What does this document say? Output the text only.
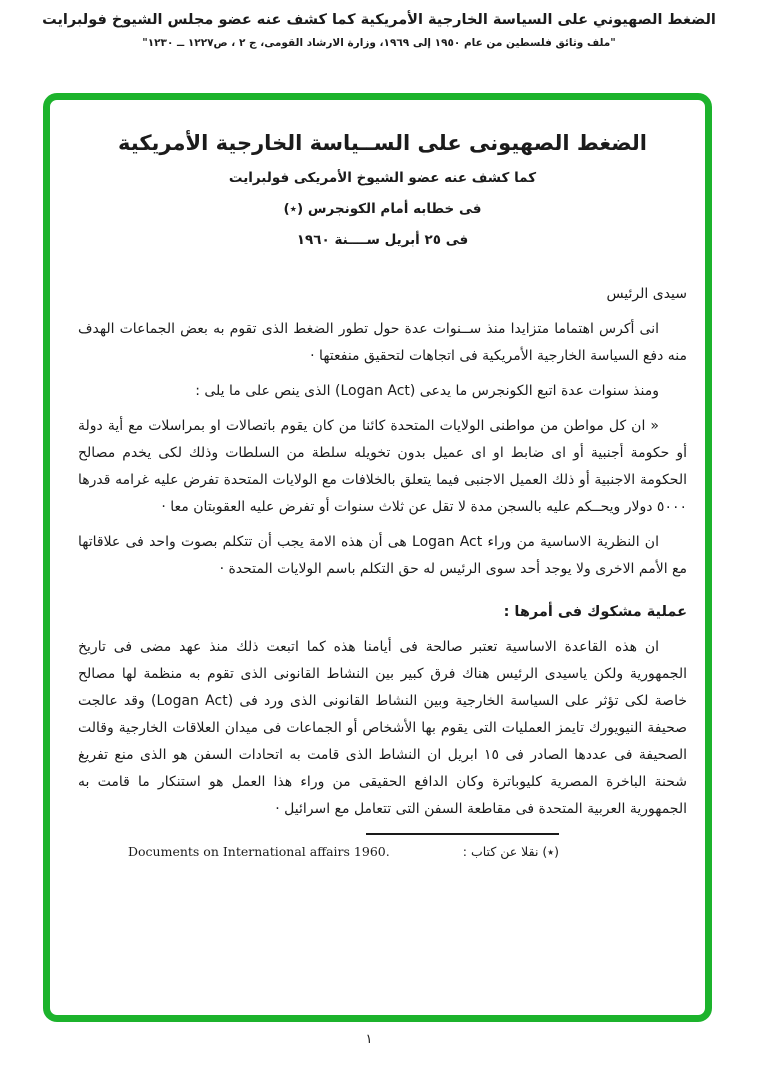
الضغط الصهيوني على السياسة الخارجية الأمريكية كما كشف عنه عضو مجلس الشيوخ فولبرايت
"ملف وثائق فلسطين من عام ١٩٥٠ إلى ١٩٦٩، وزارة الارشاد القومى، ج ٢ ، ص١٢٢٧ ــ ١٢٣٠"
الضغط الصهيونى على الســياسة الخارجية الأمريكية
كما كشف عنه عضو الشيوخ الأمريكى فولبرايت
فى خطابه أمام الكونجرس (٭)
فى ٢٥ أبريل ســــنة ١٩٦٠

سيدى الرئيس

انى أكرس اهتماما متزايدا منذ ســنوات عدة حول تطور الضغط الذى تقوم به بعض الجماعات الهدف منه دفع السياسة الخارجية الأمريكية فى اتجاهات لتحقيق منفعتها ·

ومنذ سنوات عدة اتبع الكونجرس ما يدعى (Logan Act) الذى ينص على ما يلى :

« ان كل مواطن من مواطنى الولايات المتحدة كائنا من كان يقوم باتصالات او بمراسلات مع أية دولة أو حكومة أجنبية أو اى ضابط او اى عميل بدون تخويله سلطة من السلطات وذلك لكى يخدم مصالح الحكومة الاجنبية أو ذلك العميل الاجنبى فيما يتعلق بالخلافات مع الولايات المتحدة تفرض عليه غرامه قدرها ٥٠٠٠ دولار ويحــكم عليه بالسجن مدة لا تقل عن ثلاث سنوات أو تفرض عليه العقوبتان معا ·

ان النظرية الاساسية من وراء Logan Act هى أن هذه الامة يجب أن تتكلم بصوت واحد فى علاقاتها مع الأمم الاخرى ولا يوجد أحد سوى الرئيس له حق التكلم باسم الولايات المتحدة ·

عملية مشكوك فى أمرها :

ان هذه القاعدة الاساسية تعتبر صالحة فى أيامنا هذه كما اتبعت ذلك منذ عهد مضى فى تاريخ الجمهورية ولكن ياسيدى الرئيس هناك فرق كبير بين النشاط القانونى الذى تقوم به منظمة لها مصالح خاصة لكى تؤثر على السياسة الخارجية وبين النشاط القانونى الذى ورد فى (Logan Act) وقد عالجت صحيفة النيويورك تايمز العمليات التى يقوم بها الأشخاص أو الجماعات فى ميدان العلاقات الخارجية وقالت الصحيفة فى عددها الصادر فى ١٥ ابريل ان النشاط الذى قامت به اتحادات السفن هو الذى منع تفريغ شحنة الباخرة المصرية كليوباترة وكان الدافع الحقيقى من وراء هذا العمل هو استنكار ما قامت به الجمهورية العربية المتحدة فى مقاطعة السفن التى تتعامل مع اسرائيل ·

(٭) نقلا عن كتاب :
Documents on International affairs 1960.
١
